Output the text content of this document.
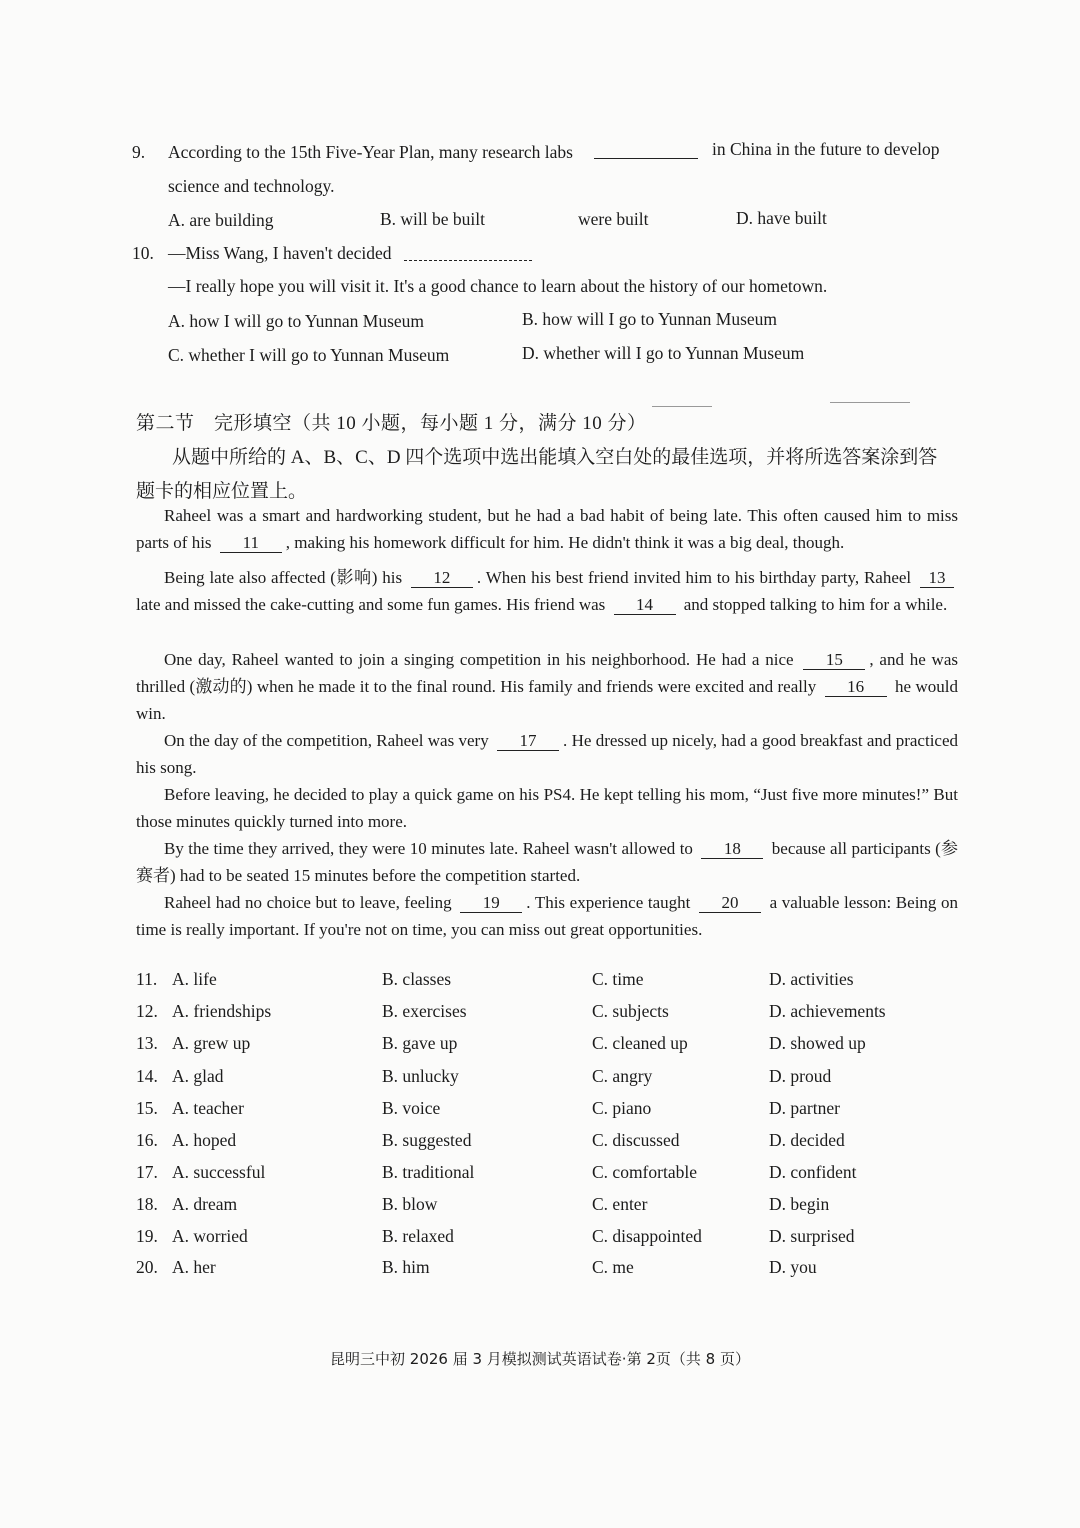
9. According to the 15th Five-Year Plan, many research labs	in China in the future to develop
science and technology.
A. are building	B. will be built	were built	D. have built
10. —Miss Wang, I haven't decided
—I really hope you will visit it. It's a good chance to learn about the history of our hometown.
A. how I will go to Yunnan Museum	B. how will I go to Yunnan Museum
C. whether I will go to Yunnan Museum	D. whether will I go to Yunnan Museum
第二节　完形填空（共 10 小题，每小题 1 分，满分 10 分）
从题中所给的 A、B、C、D 四个选项中选出能填入空白处的最佳选项，并将所选答案涂到答
题卡的相应位置上。

Raheel was a smart and hardworking student, but he had a bad habit of being late. This often caused him to miss parts of his 11 , making his homework difficult for him. He didn't think it was a big deal, though.

Being late also affected (影响) his 12 . When his best friend invited him to his birthday party, Raheel 13 late and missed the cake-cutting and some fun games. His friend was 14 and stopped talking to him for a while.

One day, Raheel wanted to join a singing competition in his neighborhood. He had a nice 15 , and he was thrilled (激动的) when he made it to the final round. His family and friends were excited and really 16 he would win.

On the day of the competition, Raheel was very 17 . He dressed up nicely, had a good breakfast and practiced his song.

Before leaving, he decided to play a quick game on his PS4. He kept telling his mom, “Just five more minutes!” But those minutes quickly turned into more.

By the time they arrived, they were 10 minutes late. Raheel wasn't allowed to 18 because all participants (参赛者) had to be seated 15 minutes before the competition started.

Raheel had no choice but to leave, feeling 19 . This experience taught 20 a valuable lesson: Being on time is really important. If you're not on time, you can miss out great opportunities.

11. A. life	B. classes	C. time	D. activities
12. A. friendships	B. exercises	C. subjects	D. achievements
13. A. grew up	B. gave up	C. cleaned up	D. showed up
14. A. glad	B. unlucky	C. angry	D. proud
15. A. teacher	B. voice	C. piano	D. partner
16. A. hoped	B. suggested	C. discussed	D. decided
17. A. successful	B. traditional	C. comfortable	D. confident
18. A. dream	B. blow	C. enter	D. begin
19. A. worried	B. relaxed	C. disappointed	D. surprised
20. A. her	B. him	C. me	D. you
昆明三中初 2026 届 3 月模拟测试英语试卷·第 2页（共 8 页）
